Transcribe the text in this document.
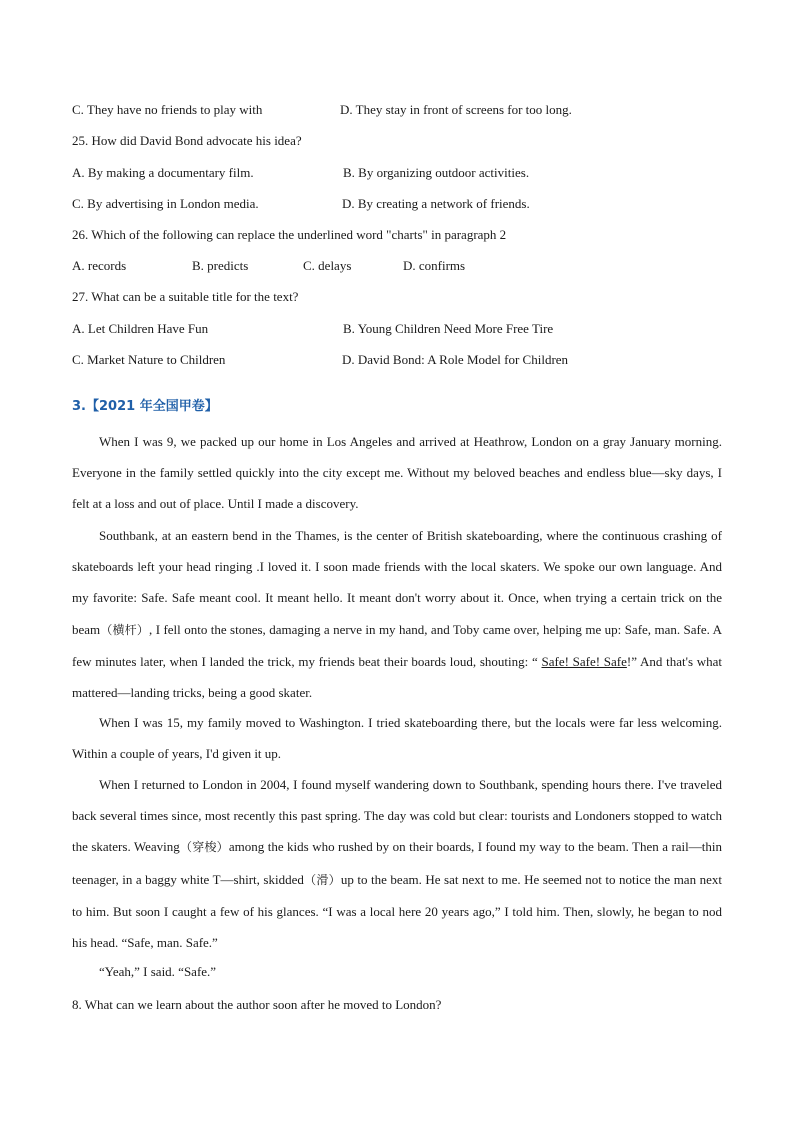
C. They have no friends to play with	D. They stay in front of screens for too long.
25. How did David Bond advocate his idea?
A. By making a documentary film.	B. By organizing outdoor activities.
C. By advertising in London media.	D. By creating a network of friends.
26. Which of the following can replace the underlined word "charts" in paragraph 2
A. records	B. predicts	C. delays	D. confirms
27. What can be a suitable title for the text?
A. Let Children Have Fun	B. Young Children Need More Free Tire
C. Market Nature to Children	D. David Bond: A Role Model for Children
3.【2021 年全国甲卷】
When I was 9, we packed up our home in Los Angeles and arrived at Heathrow, London on a gray January morning. Everyone in the family settled quickly into the city except me. Without my beloved beaches and endless blue—sky days, I felt at a loss and out of place. Until I made a discovery.
Southbank, at an eastern bend in the Thames, is the center of British skateboarding, where the continuous crashing of skateboards left your head ringing .I loved it. I soon made friends with the local skaters. We spoke our own language. And my favorite: Safe. Safe meant cool. It meant hello. It meant don't worry about it. Once, when trying a certain trick on the beam（横杆）, I fell onto the stones, damaging a nerve in my hand, and Toby came over, helping me up: Safe, man. Safe. A few minutes later, when I landed the trick, my friends beat their boards loud, shouting: “ Safe! Safe! Safe!” And that's what mattered—landing tricks, being a good skater.
When I was 15, my family moved to Washington. I tried skateboarding there, but the locals were far less welcoming. Within a couple of years, I'd given it up.
When I returned to London in 2004, I found myself wandering down to Southbank, spending hours there. I've traveled back several times since, most recently this past spring. The day was cold but clear: tourists and Londoners stopped to watch the skaters. Weaving（穿梭）among the kids who rushed by on their boards, I found my way to the beam. Then a rail—thin teenager, in a baggy white T—shirt, skidded（滑）up to the beam. He sat next to me. He seemed not to notice the man next to him. But soon I caught a few of his glances. “I was a local here 20 years ago,” I told him. Then, slowly, he began to nod his head. “Safe, man. Safe.”
“Yeah,” I said. “Safe.”
8. What can we learn about the author soon after he moved to London?
